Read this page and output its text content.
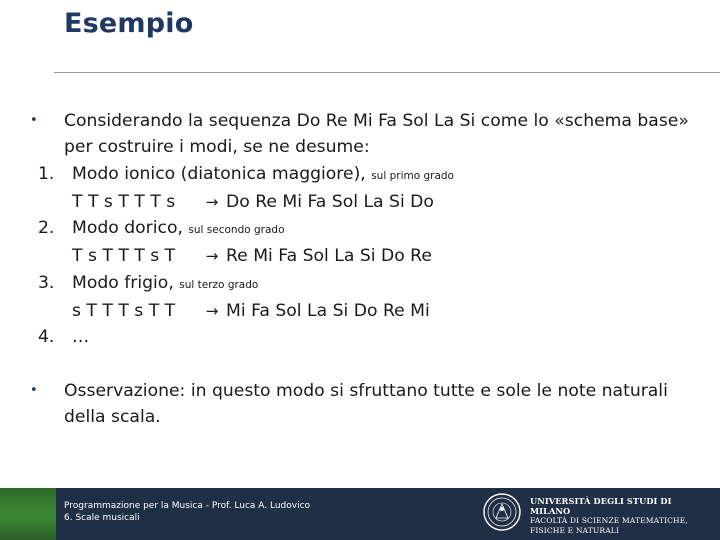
Esempio
•	Considerando la sequenza Do Re Mi Fa Sol La Si come lo «schema base» per costruire i modi, se ne desume:
1.	Modo ionico (diatonica maggiore), sul primo grado
T T s T T T s	→ Do Re Mi Fa Sol La Si Do
2.	Modo dorico, sul secondo grado
T s T T T s T	→ Re Mi Fa Sol La Si Do Re
3.	Modo frigio, sul terzo grado
s T T T s T T	→ Mi Fa Sol La Si Do Re Mi
4.	…
•	Osservazione: in questo modo si sfruttano tutte e sole le note naturali della scala.
Programmazione per la Musica - Prof. Luca A. Ludovico
6. Scale musicali
UNIVERSITÀ DEGLI STUDI DI MILANO
FACOLTÀ DI SCIENZE MATEMATICHE,
FISICHE E NATURALI
